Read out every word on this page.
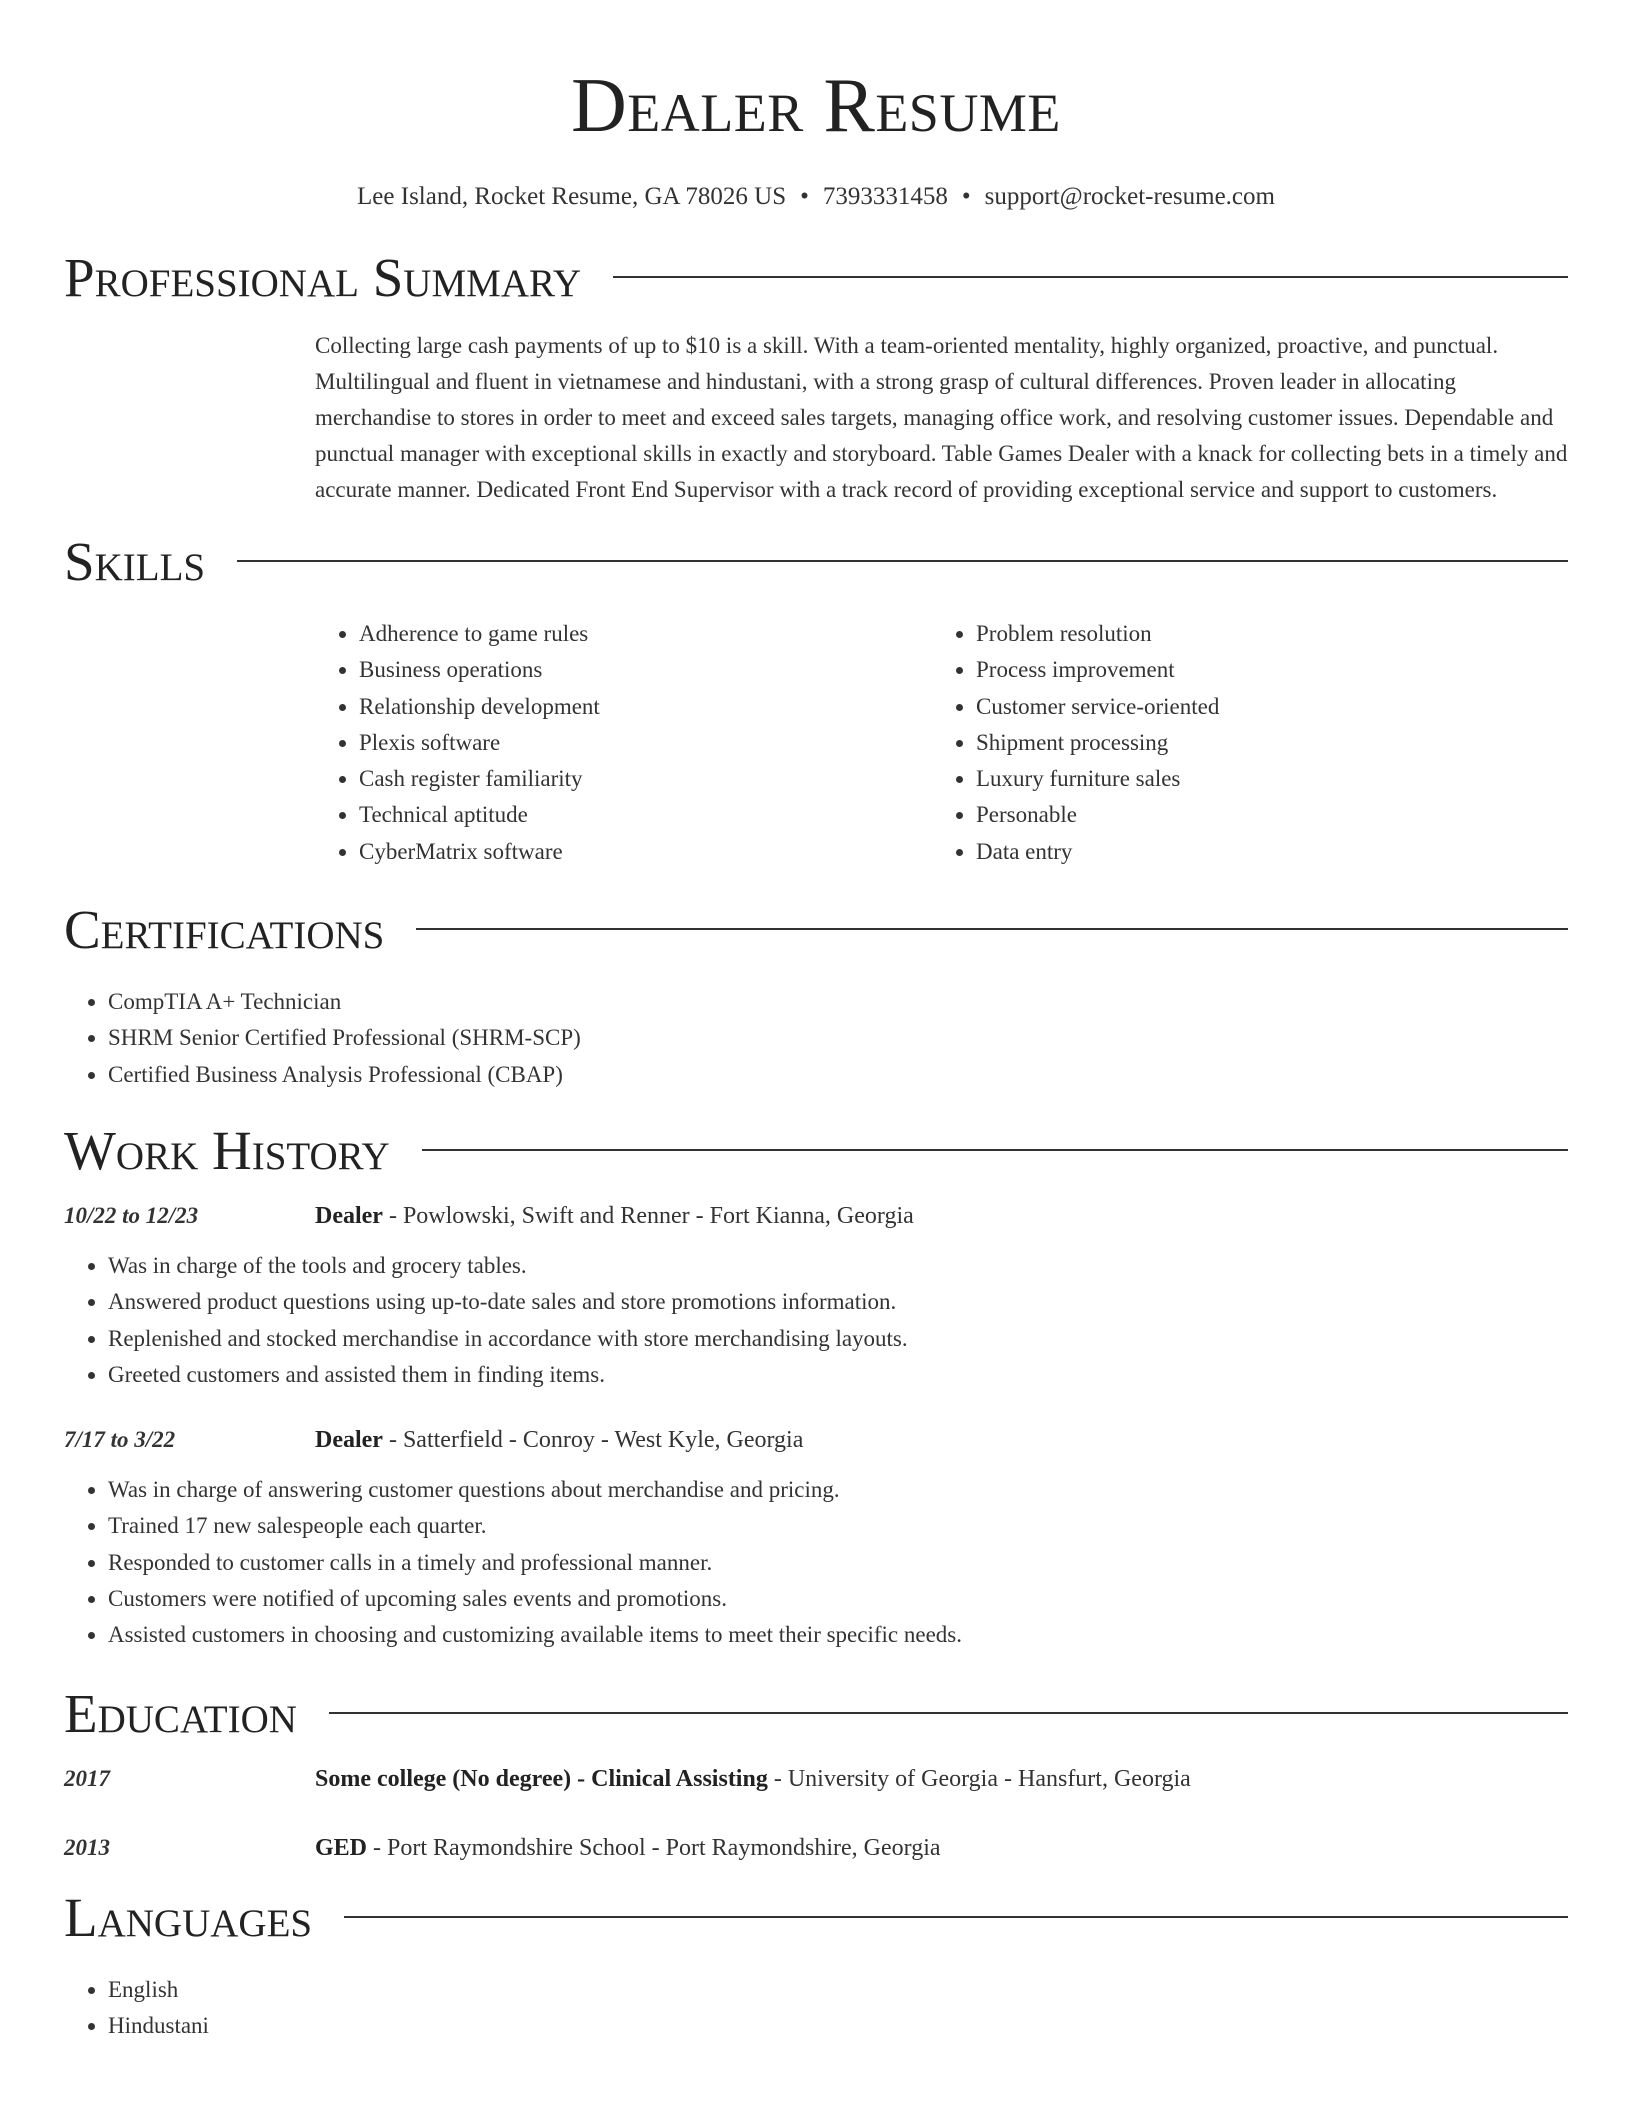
Dealer Resume
Lee Island, Rocket Resume, GA 78026 US • 7393331458 • support@rocket-resume.com
Professional Summary
Collecting large cash payments of up to $10 is a skill. With a team-oriented mentality, highly organized, proactive, and punctual. Multilingual and fluent in vietnamese and hindustani, with a strong grasp of cultural differences. Proven leader in allocating merchandise to stores in order to meet and exceed sales targets, managing office work, and resolving customer issues. Dependable and punctual manager with exceptional skills in exactly and storyboard. Table Games Dealer with a knack for collecting bets in a timely and accurate manner. Dedicated Front End Supervisor with a track record of providing exceptional service and support to customers.
Skills
• Adherence to game rules
• Business operations
• Relationship development
• Plexis software
• Cash register familiarity
• Technical aptitude
• CyberMatrix software
• Problem resolution
• Process improvement
• Customer service-oriented
• Shipment processing
• Luxury furniture sales
• Personable
• Data entry
Certifications
• CompTIA A+ Technician
• SHRM Senior Certified Professional (SHRM-SCP)
• Certified Business Analysis Professional (CBAP)
Work History
10/22 to 12/23	Dealer - Powlowski, Swift and Renner - Fort Kianna, Georgia
• Was in charge of the tools and grocery tables.
• Answered product questions using up-to-date sales and store promotions information.
• Replenished and stocked merchandise in accordance with store merchandising layouts.
• Greeted customers and assisted them in finding items.
7/17 to 3/22	Dealer - Satterfield - Conroy - West Kyle, Georgia
• Was in charge of answering customer questions about merchandise and pricing.
• Trained 17 new salespeople each quarter.
• Responded to customer calls in a timely and professional manner.
• Customers were notified of upcoming sales events and promotions.
• Assisted customers in choosing and customizing available items to meet their specific needs.
Education
2017	Some college (No degree) - Clinical Assisting - University of Georgia - Hansfurt, Georgia
2013	GED - Port Raymondshire School - Port Raymondshire, Georgia
Languages
• English
• Hindustani
